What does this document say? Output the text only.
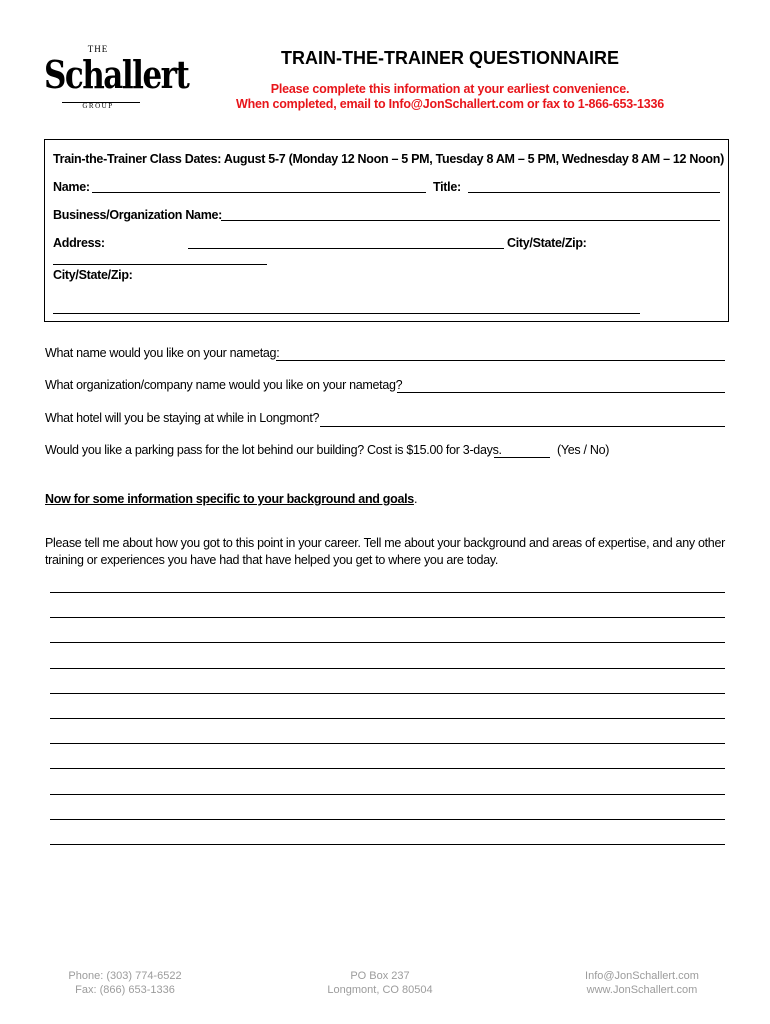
THE
Schallert
GROUP
TRAIN-THE-TRAINER QUESTIONNAIRE
Please complete this information at your earliest convenience.
When completed, email to Info@JonSchallert.com or fax to 1-866-653-1336
Train-the-Trainer Class Dates: August 5-7 (Monday 12 Noon – 5 PM, Tuesday 8 AM – 5 PM, Wednesday 8 AM – 12 Noon)
Name:	Title:
Business/Organization Name:
Address:	City/State/Zip:
City/State/Zip:
What name would you like on your nametag:
What organization/company name would you like on your nametag?
What hotel will you be staying at while in Longmont?
Would you like a parking pass for the lot behind our building? Cost is $15.00 for 3-days.	(Yes / No)
Now for some information specific to your background and goals.
Please tell me about how you got to this point in your career. Tell me about your background and areas of expertise, and any other
training or experiences you have had that have helped you get to where you are today.
Phone: (303) 774-6522
Fax: (866) 653-1336
PO Box 237
Longmont, CO 80504
Info@JonSchallert.com
www.JonSchallert.com
